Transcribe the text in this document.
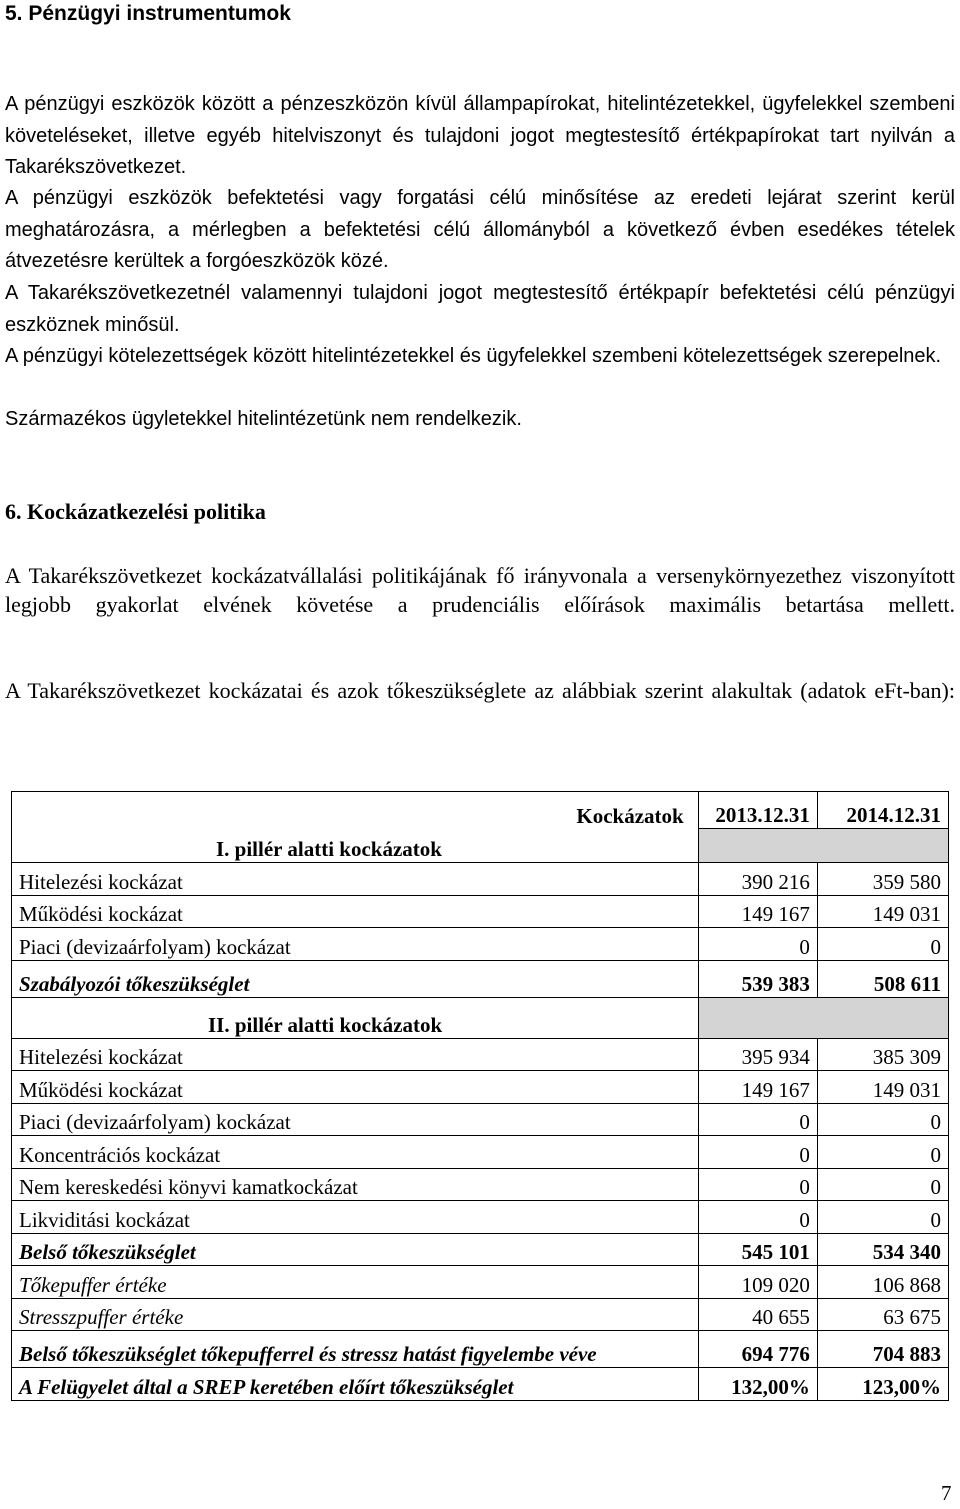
5. Pénzügyi instrumentumok

A pénzügyi eszközök között a pénzeszközön kívül állampapírokat, hitelintézetekkel, ügyfelekkel szembeni követeléseket, illetve egyéb hitelviszonyt és tulajdoni jogot megtestesítő értékpapírokat tart nyilván a Takarékszövetkezet.

A pénzügyi eszközök befektetési vagy forgatási célú minősítése az eredeti lejárat szerint kerül meghatározásra, a mérlegben a befektetési célú állományból a következő évben esedékes tételek átvezetésre kerültek a forgóeszközök közé.

A Takarékszövetkezetnél valamennyi tulajdoni jogot megtestesítő értékpapír befektetési célú pénzügyi eszköznek minősül.

A pénzügyi kötelezettségek között hitelintézetekkel és ügyfelekkel szembeni kötelezettségek szerepelnek.

Származékos ügyletekkel hitelintézetünk nem rendelkezik.

6. Kockázatkezelési politika

A Takarékszövetkezet kockázatvállalási politikájának fő irányvonala a versenykörnyezethez viszonyított legjobb gyakorlat elvének követése a prudenciális előírások maximális betartása mellett.

A Takarékszövetkezet kockázatai és azok tőkeszükséglete az alábbiak szerint alakultak (adatok eFt-ban):

Kockázatok	2013.12.31	2014.12.31
I. pillér alatti kockázatok		
Hitelezési kockázat	390 216	359 580
Működési kockázat	149 167	149 031
Piaci (devizaárfolyam) kockázat	0	0
Szabályozói tőkeszükséglet	539 383	508 611
II. pillér alatti kockázatok		
Hitelezési kockázat	395 934	385 309
Működési kockázat	149 167	149 031
Piaci (devizaárfolyam) kockázat	0	0
Koncentrációs kockázat	0	0
Nem kereskedési könyvi kamatkockázat	0	0
Likviditási kockázat	0	0
Belső tőkeszükséglet	545 101	534 340
Tőkepuffer értéke	109 020	106 868
Stresszpuffer értéke	40 655	63 675
Belső tőkeszükséglet tőkepufferrel és stressz hatást figyelembe véve	694 776	704 883
A Felügyelet által a SREP keretében előírt tőkeszükséglet	132,00%	123,00%
7
